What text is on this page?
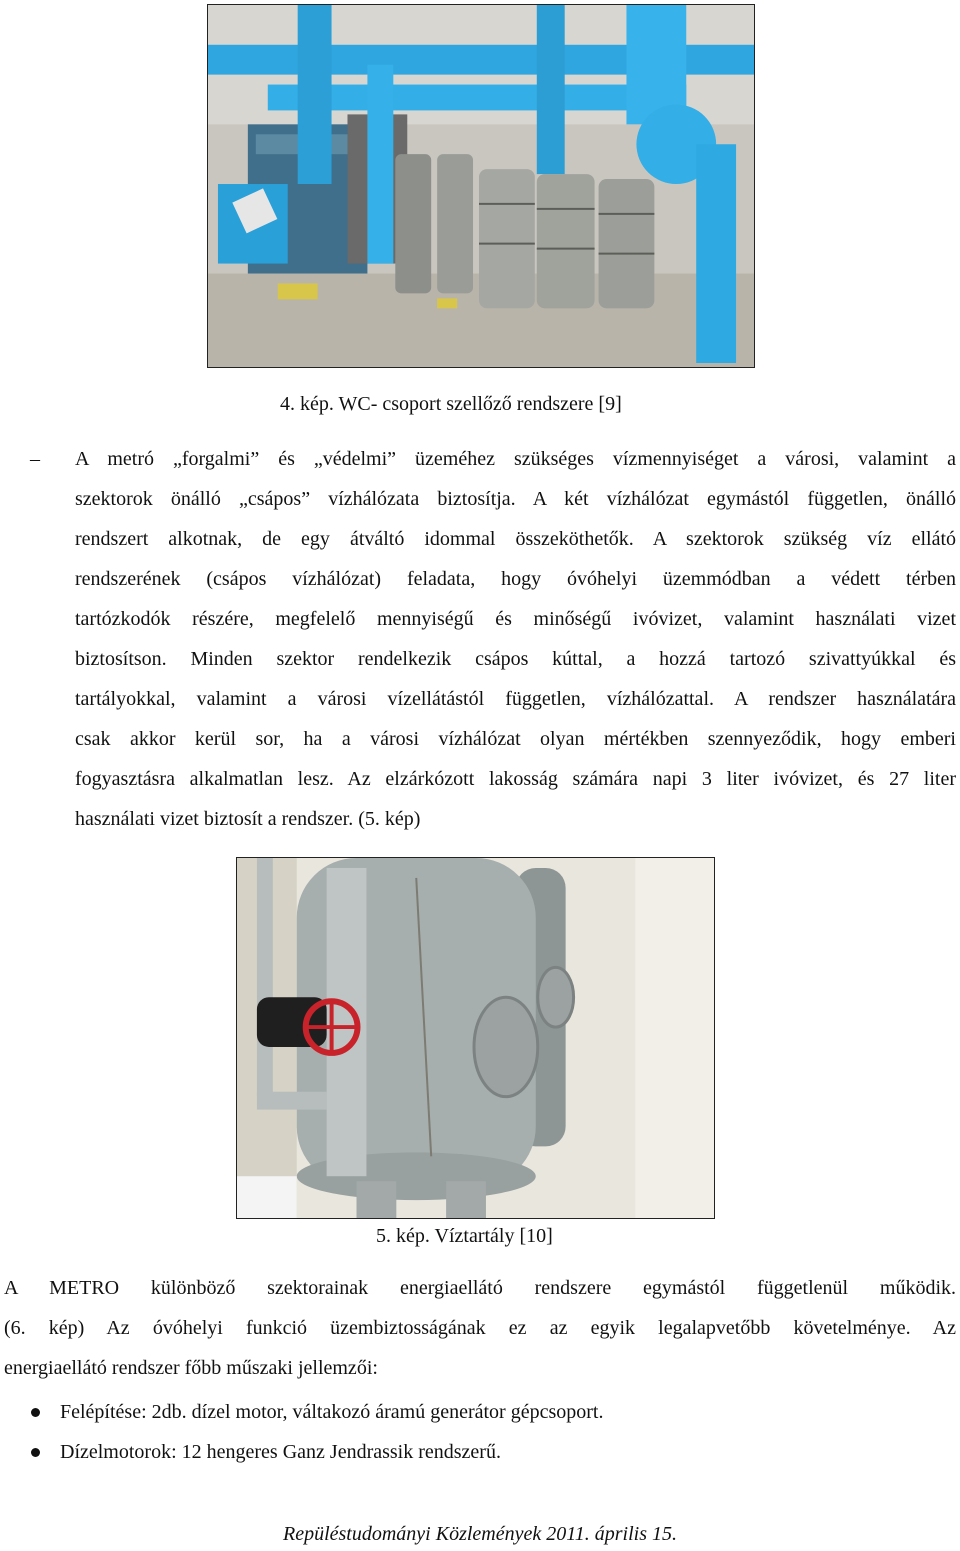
4. kép. WC- csoport szellőző rendszere [9]
– A metró „forgalmi” és „védelmi” üzeméhez szükséges vízmennyiséget a városi, valamint a
szektorok önálló „csápos” vízhálózata biztosítja. A két vízhálózat egymástól független, önálló
rendszert alkotnak, de egy átváltó idommal összeköthetők. A szektorok szükség víz ellátó
rendszerének (csápos vízhálózat) feladata, hogy óvóhelyi üzemmódban a védett térben
tartózkodók részére, megfelelő mennyiségű és minőségű ivóvizet, valamint használati vizet
biztosítson. Minden szektor rendelkezik csápos kúttal, a hozzá tartozó szivattyúkkal és
tartályokkal, valamint a városi vízellátástól független, vízhálózattal. A rendszer használatára
csak akkor kerül sor, ha a városi vízhálózat olyan mértékben szennyeződik, hogy emberi
fogyasztásra alkalmatlan lesz. Az elzárkózott lakosság számára napi 3 liter ivóvizet, és 27 liter
használati vizet biztosít a rendszer. (5. kép)
5. kép. Víztartály [10]
A METRO különböző szektorainak energiaellátó rendszere egymástól függetlenül működik.
(6. kép) Az óvóhelyi funkció üzembiztosságának ez az egyik legalapvetőbb követelménye. Az
energiaellátó rendszer főbb műszaki jellemzői:
Felépítése: 2db. dízel motor, váltakozó áramú generátor gépcsoport.
Dízelmotorok: 12 hengeres Ganz Jendrassik rendszerű.
Repüléstudományi Közlemények 2011. április 15.
